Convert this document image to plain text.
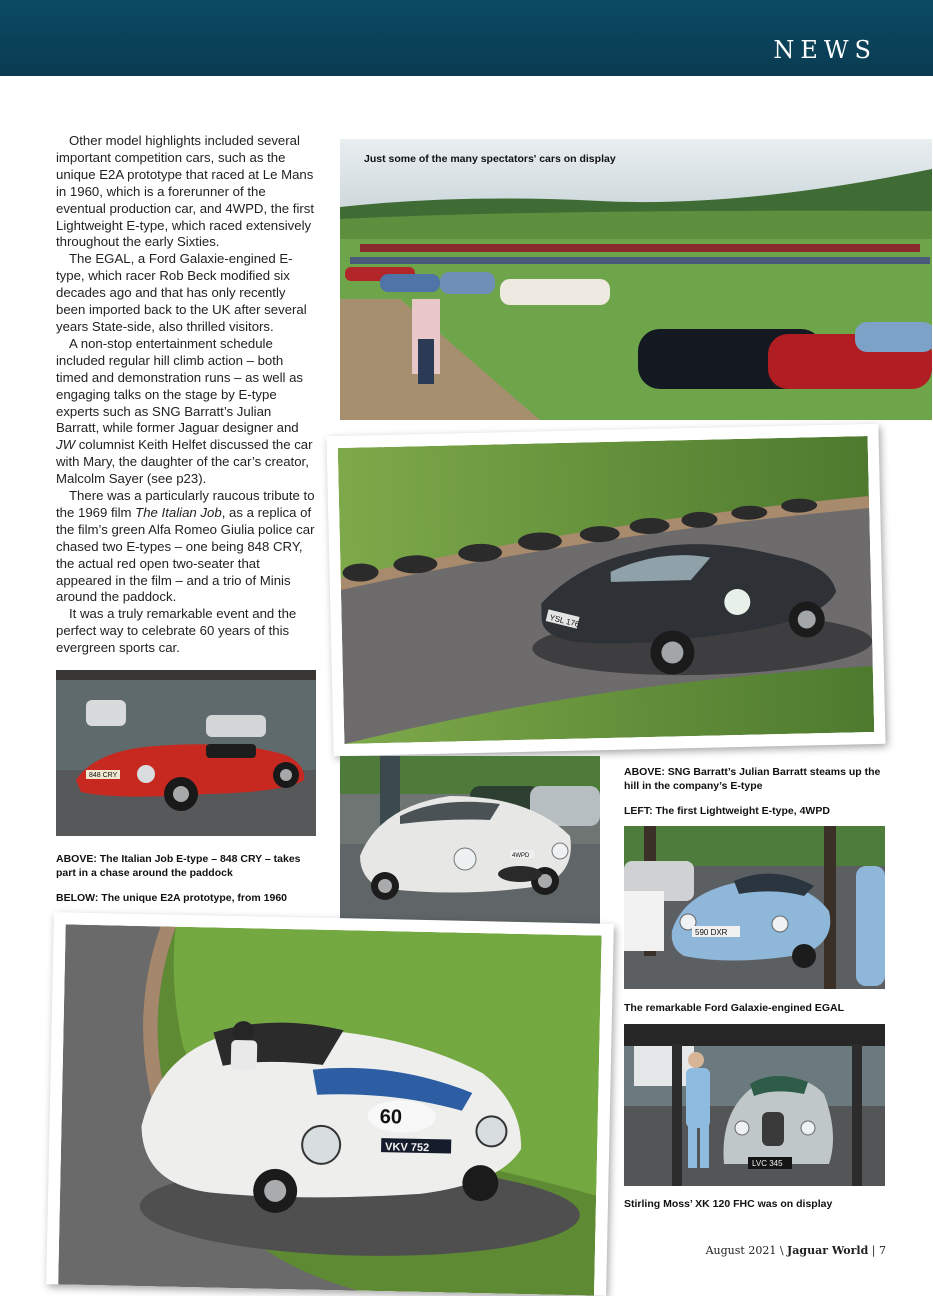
NEWS

Other model highlights included several important competition cars, such as the unique E2A prototype that raced at Le Mans in 1960, which is a forerunner of the eventual production car, and 4WPD, the first Lightweight E-type, which raced extensively throughout the early Sixties.

The EGAL, a Ford Galaxie-engined E-type, which racer Rob Beck modified six decades ago and that has only recently been imported back to the UK after several years State-side, also thrilled visitors.

A non-stop entertainment schedule included regular hill climb action – both timed and demonstration runs – as well as engaging talks on the stage by E-type experts such as SNG Barratt’s Julian Barratt, while former Jaguar designer and JW columnist Keith Helfet discussed the car with Mary, the daughter of the car’s creator, Malcolm Sayer (see p23).

There was a particularly raucous tribute to the 1969 film The Italian Job, as a replica of the film’s green Alfa Romeo Giulia police car chased two E-types – one being 848 CRY, the actual red open two-seater that appeared in the film – and a trio of Minis around the paddock.

It was a truly remarkable event and the perfect way to celebrate 60 years of this evergreen sports car.

Just some of the many spectators' cars on display
YSL 176
848 CRY
4WPD
590 DXR
LVC 345
60
VKV 752
ABOVE: SNG Barratt’s Julian Barratt steams up the hill in the company’s E-type
LEFT: The first Lightweight E-type, 4WPD
ABOVE: The Italian Job E-type – 848 CRY – takes part in a chase around the paddock
BELOW: The unique E2A prototype, from 1960
The remarkable Ford Galaxie-engined EGAL
Stirling Moss’ XK 120 FHC was on display
August 2021 \ Jaguar World | 7
